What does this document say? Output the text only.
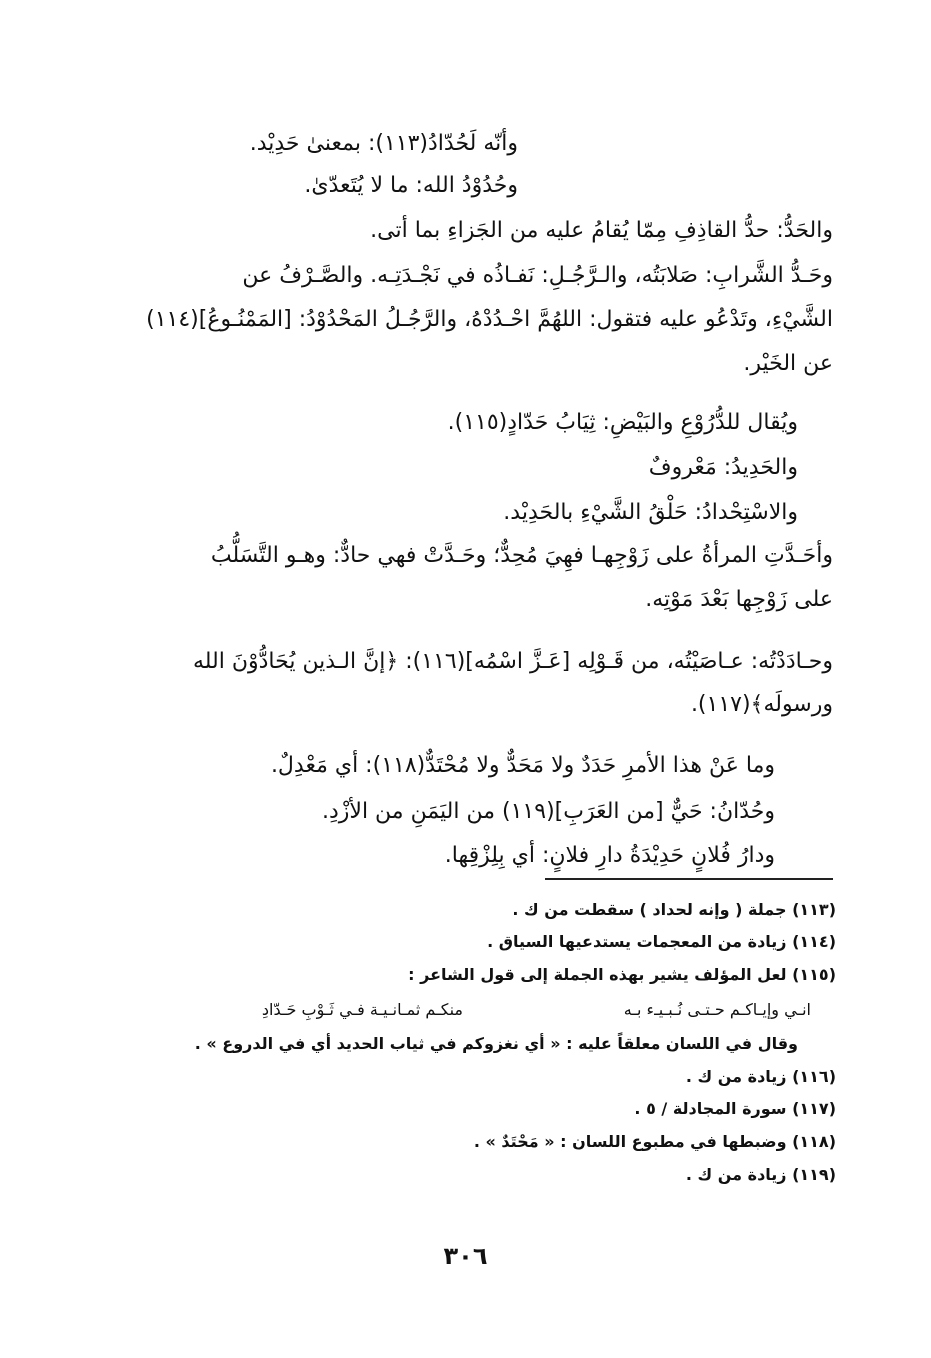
وأنّه لَحُدّادُ(١١٣): بمعنىٰ حَدِيْد.
وحُدُوْدُ الله: ما لا يُتَعدّىٰ.
والحَدُّ: حدُّ القاذِفِ مِمّا يُقامُ عليه من الجَزاءِ بما أتى.
وحَـدُّ الشَّرابِ: صَلابَتُه، والـرَّجُـلِ: نَفـاذُه في نَجْـدَتِـه. والصَّـرْفُ عن
الشَّيْءِ، وتَدْعُو عليه فتقول: اللهُمَّ احْـدُدْهُ، والرَّجُـلُ المَحْدُوْدُ: [المَمْنُـوعُ](١١٤)
عن الخَيْر.
ويُقال للدُّرُوْعِ والبَيْضِ: ثِيَابُ حَدّادٍ(١١٥).
والحَدِيدُ: مَعْروفٌ
والاسْتِحْدادُ: حَلْقُ الشَّيْءِ بالحَدِيْد.
وأحَـدَّتِ المرأةُ على زَوْجِهـا فهِيَ مُحِدٌّ؛ وحَـدَّتْ فهي حادٌّ: وهـو التَّسَلُّبُ
على زَوْجِها بَعْدَ مَوْتِه.
وحـادَدْتُه: عـاصَيْتُه، من قَـوْلِه [عَـزَّ اسْمُه](١١٦): ﴿إنَّ الـذين يُحَادُّوْنَ الله
ورسولَه﴾(١١٧).
وما عَنْ هذا الأمرِ حَدَدٌ ولا مَحَدٌّ ولا مُحْتَدٌّ(١١٨): أي مَعْدِلٌ.
وحُدّانُ: حَيٌّ [من العَرَبِ](١١٩) من اليَمَنِ من الأزْدِ.
ودارُ فُلانٍ حَدِيْدَةُ دارِ فلانٍ: أي بِلِزْقِها.
(١١٣) جملة ( وإنه لحداد ) سقطت من ك .
(١١٤) زيادة من المعجمات يستدعيها السياق .
(١١٥) لعل المؤلف يشير بهذه الجملة إلى قول الشاعر :
انـي وإيـاكـم حـتـى نُـبـيـء بـه
منكـم ثمـانـيـة فـي ثَـوْبِ حَـدّادِ
وقال في اللسان معلقاً عليه : « أي نغزوكم في ثياب الحديد أي في الدروع » .
(١١٦) زيادة من ك .
(١١٧) سورة المجادلة / ٥ .
(١١٨) وضبطها في مطبوع اللسان : « مَحْتَدٌ » .
(١١٩) زيادة من ك .
٣٠٦
